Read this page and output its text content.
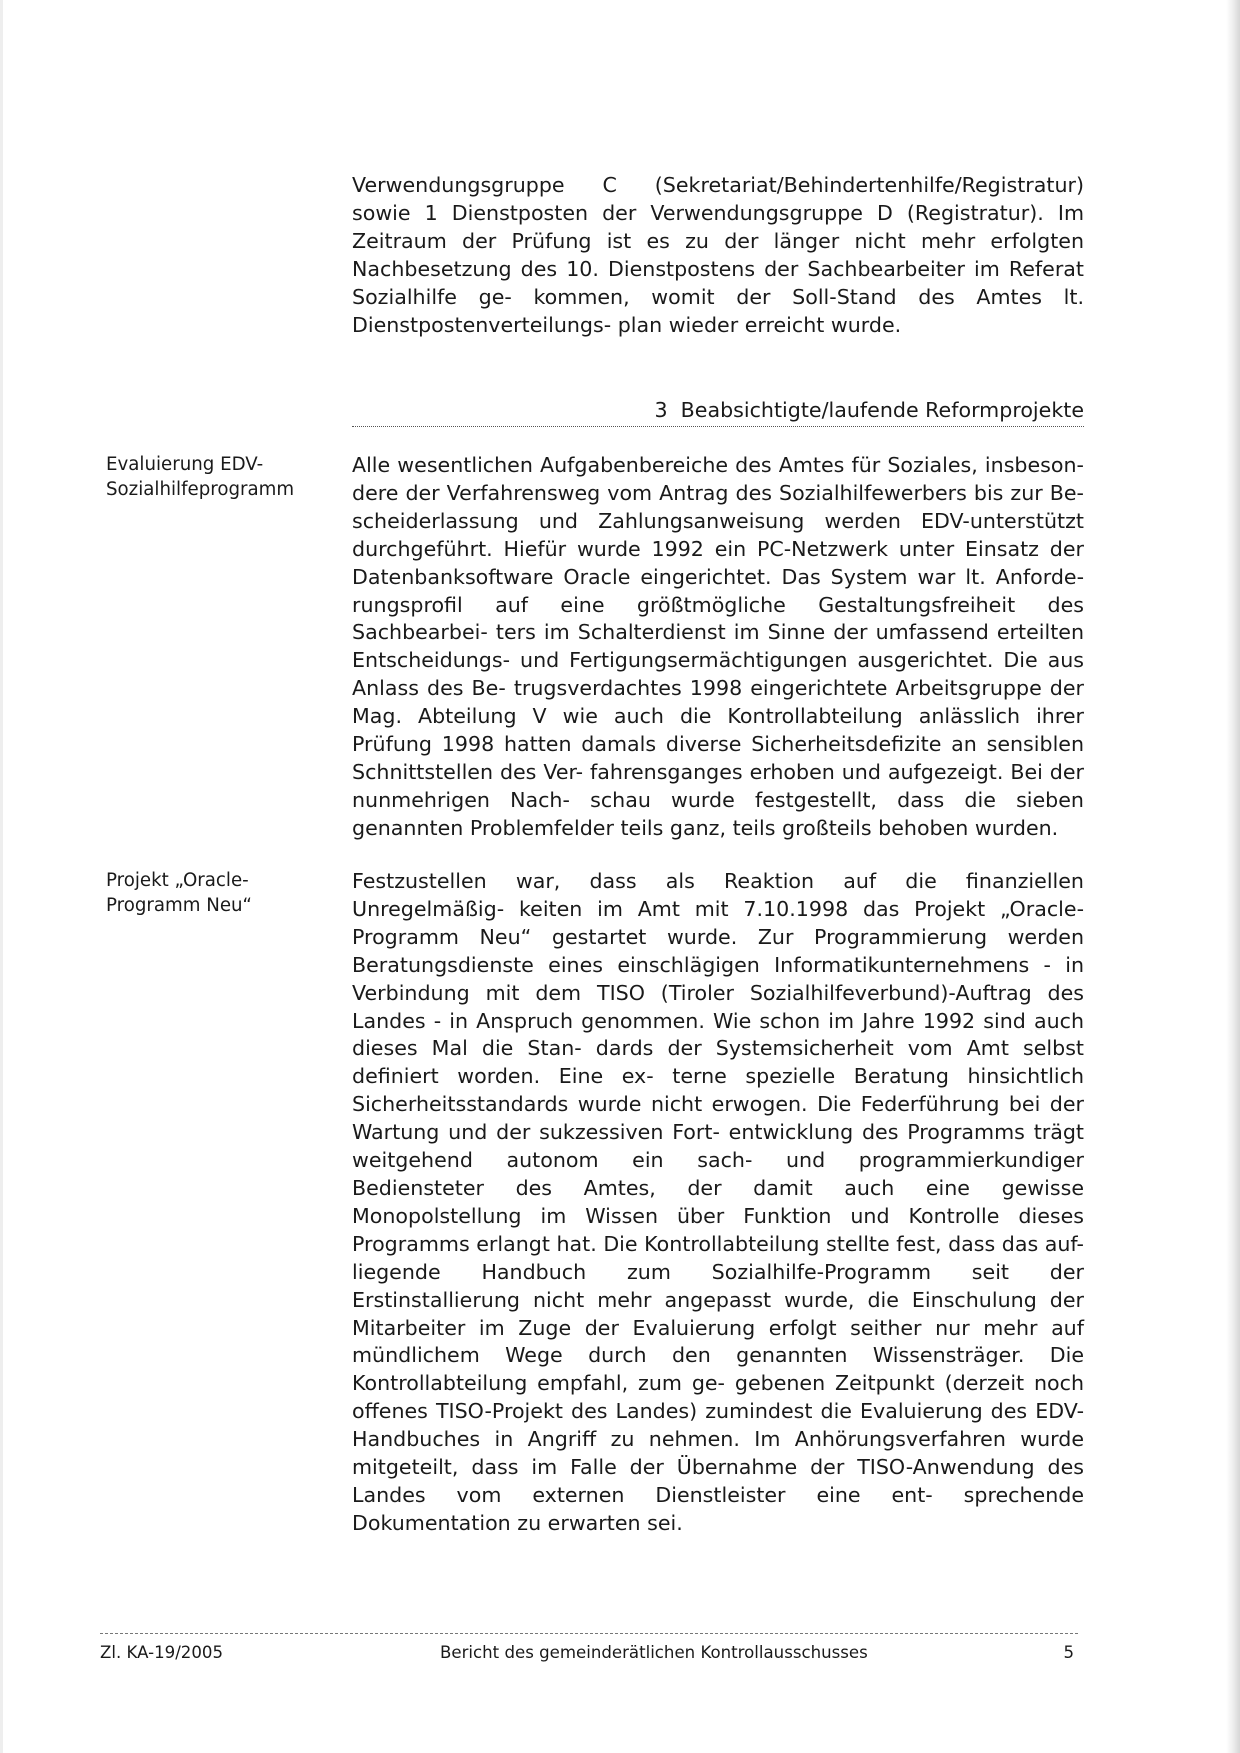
Verwendungsgruppe C (Sekretariat/Behindertenhilfe/Registratur) sowie 1 Dienstposten der Verwendungsgruppe D (Registratur). Im Zeitraum der Prüfung ist es zu der länger nicht mehr erfolgten Nachbesetzung des 10. Dienstpostens der Sachbearbeiter im Referat Sozialhilfe ge- kommen, womit der Soll-Stand des Amtes lt. Dienstpostenverteilungs- plan wieder erreicht wurde.

3 Beabsichtigte/laufende Reformprojekte
Evaluierung EDV-
Sozialhilfeprogramm

Alle wesentlichen Aufgabenbereiche des Amtes für Soziales, insbeson- dere der Verfahrensweg vom Antrag des Sozialhilfewerbers bis zur Be- scheiderlassung und Zahlungsanweisung werden EDV-unterstützt durchgeführt. Hiefür wurde 1992 ein PC-Netzwerk unter Einsatz der Datenbanksoftware Oracle eingerichtet. Das System war lt. Anforde- rungsprofil auf eine größtmögliche Gestaltungsfreiheit des Sachbearbei- ters im Schalterdienst im Sinne der umfassend erteilten Entscheidungs- und Fertigungsermächtigungen ausgerichtet. Die aus Anlass des Be- trugsverdachtes 1998 eingerichtete Arbeitsgruppe der Mag. Abteilung V wie auch die Kontrollabteilung anlässlich ihrer Prüfung 1998 hatten damals diverse Sicherheitsdefizite an sensiblen Schnittstellen des Ver- fahrensganges erhoben und aufgezeigt. Bei der nunmehrigen Nach- schau wurde festgestellt, dass die sieben genannten Problemfelder teils ganz, teils großteils behoben wurden.

Projekt „Oracle-
Programm Neu“

Festzustellen war, dass als Reaktion auf die finanziellen Unregelmäßig- keiten im Amt mit 7.10.1998 das Projekt „Oracle-Programm Neu“ gestartet wurde. Zur Programmierung werden Beratungsdienste eines einschlägigen Informatikunternehmens - in Verbindung mit dem TISO (Tiroler Sozialhilfeverbund)-Auftrag des Landes - in Anspruch genommen. Wie schon im Jahre 1992 sind auch dieses Mal die Stan- dards der Systemsicherheit vom Amt selbst definiert worden. Eine ex- terne spezielle Beratung hinsichtlich Sicherheitsstandards wurde nicht erwogen. Die Federführung bei der Wartung und der sukzessiven Fort- entwicklung des Programms trägt weitgehend autonom ein sach- und programmierkundiger Bediensteter des Amtes, der damit auch eine gewisse Monopolstellung im Wissen über Funktion und Kontrolle dieses Programms erlangt hat. Die Kontrollabteilung stellte fest, dass das auf- liegende Handbuch zum Sozialhilfe-Programm seit der Erstinstallierung nicht mehr angepasst wurde, die Einschulung der Mitarbeiter im Zuge der Evaluierung erfolgt seither nur mehr auf mündlichem Wege durch den genannten Wissensträger. Die Kontrollabteilung empfahl, zum ge- gebenen Zeitpunkt (derzeit noch offenes TISO-Projekt des Landes) zumindest die Evaluierung des EDV-Handbuches in Angriff zu nehmen. Im Anhörungsverfahren wurde mitgeteilt, dass im Falle der Übernahme der TISO-Anwendung des Landes vom externen Dienstleister eine ent- sprechende Dokumentation zu erwarten sei.

Zl. KA-19/2005	Bericht des gemeinderätlichen Kontrollausschusses	5
